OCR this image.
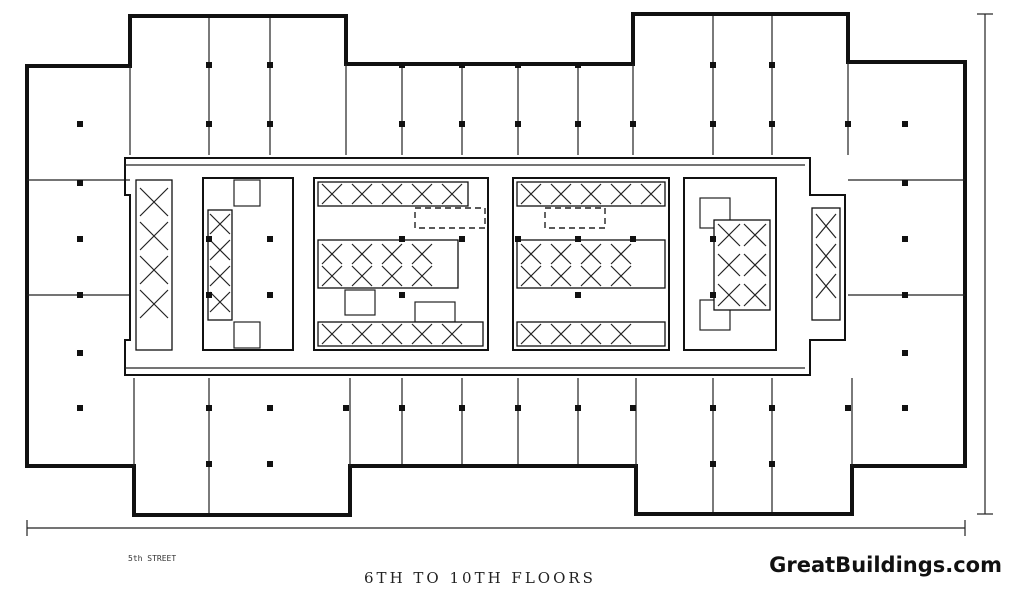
5th STREET
6TH TO 10TH FLOORS
GreatBuildings.com
